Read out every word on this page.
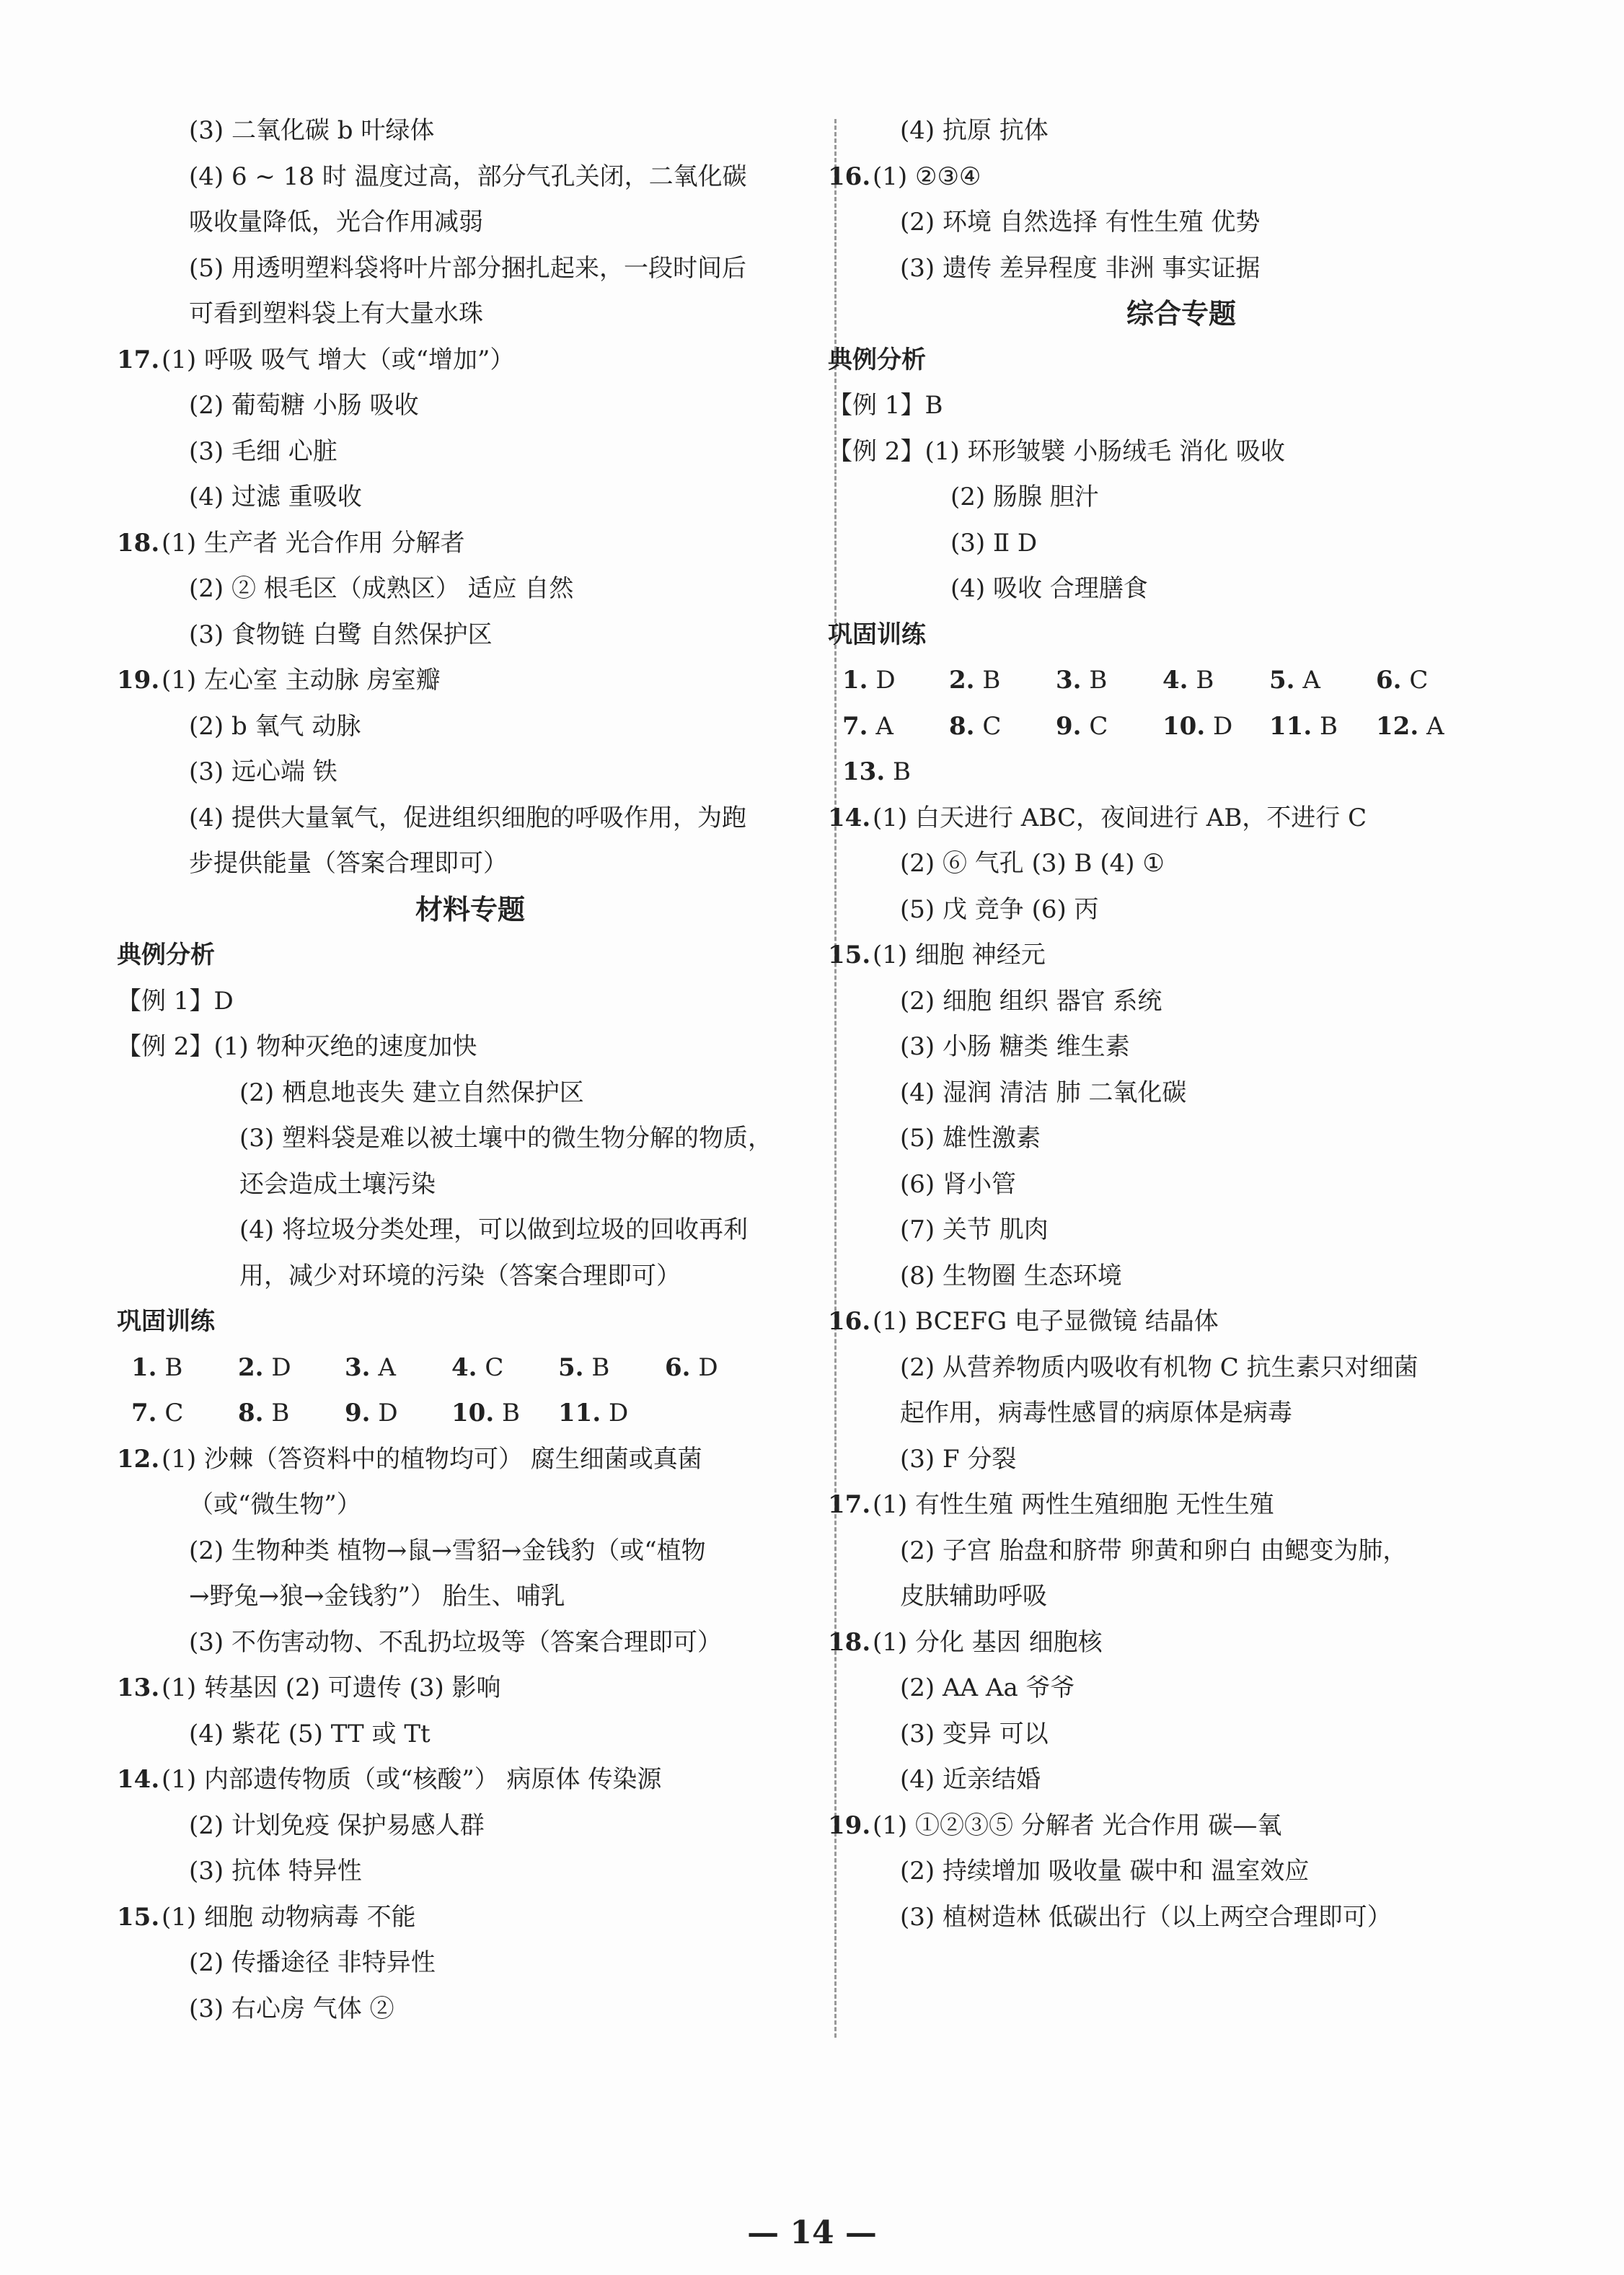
(3) 二氧化碳 b 叶绿体
(4) 6 ~ 18 时 温度过高，部分气孔关闭，二氧化碳
吸收量降低，光合作用减弱
(5) 用透明塑料袋将叶片部分捆扎起来，一段时间后
可看到塑料袋上有大量水珠
17.(1) 呼吸 吸气 增大（或“增加”）
(2) 葡萄糖 小肠 吸收
(3) 毛细 心脏
(4) 过滤 重吸收
18.(1) 生产者 光合作用 分解者
(2) ② 根毛区（成熟区） 适应 自然
(3) 食物链 白鹭 自然保护区
19.(1) 左心室 主动脉 房室瓣
(2) b 氧气 动脉
(3) 远心端 铁
(4) 提供大量氧气，促进组织细胞的呼吸作用，为跑
步提供能量（答案合理即可）
材料专题
典例分析
【例 1】D
【例 2】(1) 物种灭绝的速度加快
(2) 栖息地丧失 建立自然保护区
(3) 塑料袋是难以被土壤中的微生物分解的物质，
还会造成土壤污染
(4) 将垃圾分类处理，可以做到垃圾的回收再利
用，减少对环境的污染（答案合理即可）
巩固训练
1. B	2. D	3. A	4. C	5. B	6. D
7. C	8. B	9. D	10. B	11. D
12.(1) 沙棘（答资料中的植物均可） 腐生细菌或真菌
（或“微生物”）
(2) 生物种类 植物→鼠→雪貂→金钱豹（或“植物
→野兔→狼→金钱豹”） 胎生、哺乳
(3) 不伤害动物、不乱扔垃圾等（答案合理即可）
13.(1) 转基因 (2) 可遗传 (3) 影响
(4) 紫花 (5) TT 或 Tt
14.(1) 内部遗传物质（或“核酸”） 病原体 传染源
(2) 计划免疫 保护易感人群
(3) 抗体 特异性
15.(1) 细胞 动物病毒 不能
(2) 传播途径 非特异性
(3) 右心房 气体 ②
(4) 抗原 抗体
16.(1) ②③④
(2) 环境 自然选择 有性生殖 优势
(3) 遗传 差异程度 非洲 事实证据
综合专题
典例分析
【例 1】B
【例 2】(1) 环形皱襞 小肠绒毛 消化 吸收
(2) 肠腺 胆汁
(3) Ⅱ D
(4) 吸收 合理膳食
巩固训练
1. D	2. B	3. B	4. B	5. A	6. C
7. A	8. C	9. C	10. D	11. B	12. A
13. B
14.(1) 白天进行 ABC，夜间进行 AB，不进行 C
(2) ⑥ 气孔 (3) B (4) ①
(5) 戊 竞争 (6) 丙
15.(1) 细胞 神经元
(2) 细胞 组织 器官 系统
(3) 小肠 糖类 维生素
(4) 湿润 清洁 肺 二氧化碳
(5) 雄性激素
(6) 肾小管
(7) 关节 肌肉
(8) 生物圈 生态环境
16.(1) BCEFG 电子显微镜 结晶体
(2) 从营养物质内吸收有机物 C 抗生素只对细菌
起作用，病毒性感冒的病原体是病毒
(3) F 分裂
17.(1) 有性生殖 两性生殖细胞 无性生殖
(2) 子宫 胎盘和脐带 卵黄和卵白 由鳃变为肺，
皮肤辅助呼吸
18.(1) 分化 基因 细胞核
(2) AA Aa 爷爷
(3) 变异 可以
(4) 近亲结婚
19.(1) ①②③⑤ 分解者 光合作用 碳—氧
(2) 持续增加 吸收量 碳中和 温室效应
(3) 植树造林 低碳出行（以上两空合理即可）
— 14 —
